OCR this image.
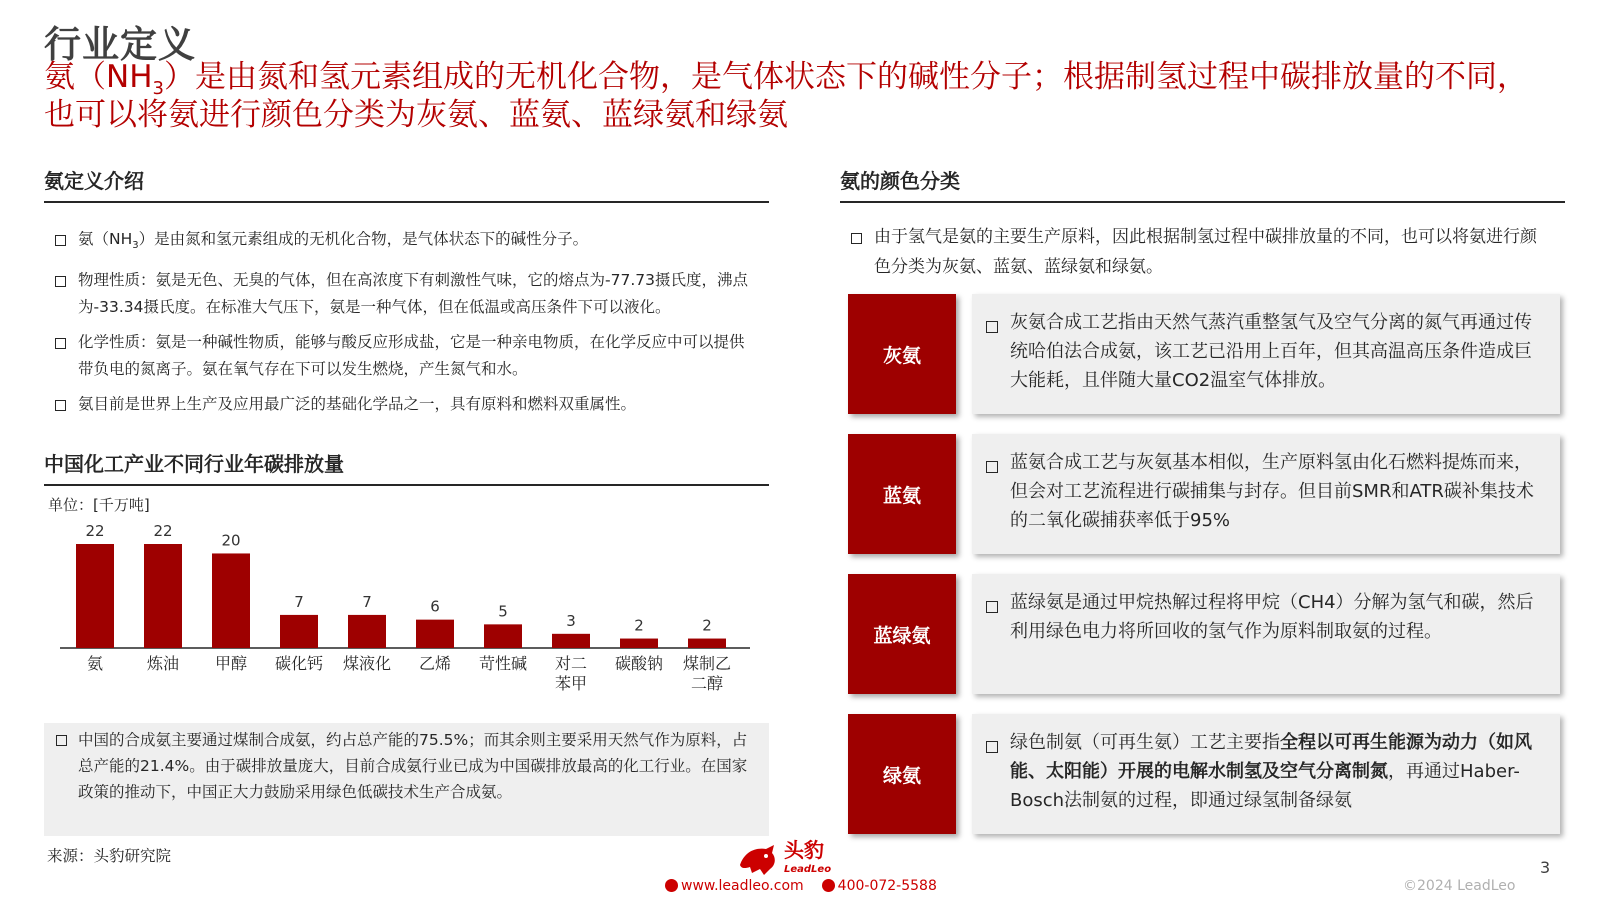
行业定义
氨$(NH_3)$是由氮和氢元素组成的无机化合物，是气体状态下的碱性分子；根据制氢过程中碳排放量的不同，也可以将氨进行颜色分类为灰氨、蓝氨、蓝绿氨和绿氨
氨定义介绍
氨$(NH_3)$是由氮和氢元素组成的无机化合物，是气体状态下的碱性分子。
物理性质：氨是无色、无臭的气体，但在高浓度下有刺激性气味，它的熔点为-77.73摄氏度，沸点为-33.34摄氏度。在标准大气压下，氨是一种气体，但在低温或高压条件下可以液化。
化学性质：氨是一种碱性物质，能够与酸反应形成盐，它是一种亲电物质，在化学反应中可以提供带负电的氮离子。氨在氧气存在下可以发生燃烧，产生氮气和水。
氨目前是世界上生产及应用最广泛的基础化学品之一，具有原料和燃料双重属性。
中国化工产业不同行业年碳排放量
单位：[千万吨]
22
氨
22
炼油
20
甲醇
7
碳化钙
7
煤液化
6
乙烯
5
苛性碱
3
对二
苯甲
2
碳酸钠
2
煤制乙
二醇
中国的合成氨主要通过煤制合成氨，约占总产能的75.5%；而其余则主要采用天然气作为原料，占总产能的21.4%。由于碳排放量庞大，目前合成氨行业已成为中国碳排放最高的化工行业。在国家政策的推动下，中国正大力鼓励采用绿色低碳技术生产合成氨。
来源：头豹研究院
氨的颜色分类
由于氢气是氨的主要生产原料，因此根据制氢过程中碳排放量的不同，也可以将氨进行颜色分类为灰氨、蓝氨、蓝绿氨和绿氨。
灰氨
灰氨合成工艺指由天然气蒸汽重整氢气及空气分离的氮气再通过传统哈伯法合成氨，该工艺已沿用上百年，但其高温高压条件造成巨大能耗，且伴随大量CO2温室气体排放。
蓝氨
蓝氨合成工艺与灰氨基本相似，生产原料氢由化石燃料提炼而来，但会对工艺流程进行碳捕集与封存。但目前SMR和ATR碳补集技术的二氧化碳捕获率低于95%
蓝绿氨
蓝绿氨是通过甲烷热解过程将甲烷（CH4）分解为氢气和碳，然后利用绿色电力将所回收的氢气作为原料制取氨的过程。
绿氨
绿色制氨（可再生氨）工艺主要指全程以可再生能源为动力（如风能、太阳能）开展的电解水制氢及空气分离制氮，再通过Haber-Bosch法制氨的过程，即通过绿氢制备绿氨
头豹
LeadLeo
www.leadleo.com	400-072-5588
3
©2024 LeadLeo
